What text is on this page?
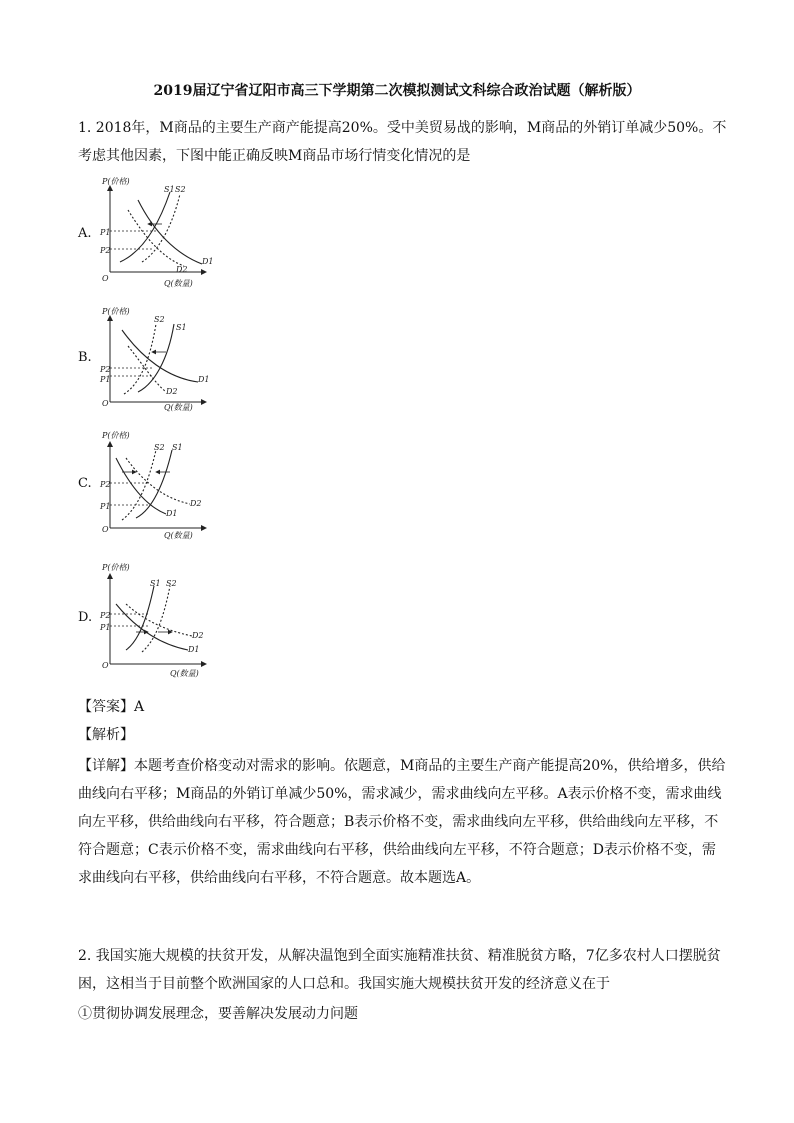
2019届辽宁省辽阳市高三下学期第二次模拟测试文科综合政治试题（解析版）
1. 2018年，M商品的主要生产商产能提高20%。受中美贸易战的影响，M商品的外销订单减少50%。不考虑其他因素，下图中能正确反映M商品市场行情变化情况的是
A.
P(价格)
Q(数量)
O
P1
P2
S1 S2
D1
D2
B.
P(价格)
Q(数量)
O
P2
P1
S2
S1
D1
D2
C.
P(价格)
Q(数量)
O
P2
P1
S2 S1
D1
D2
D.
P(价格)
Q(数量)
O
P2
P1
S1 S2
D1
D2
【答案】A
【解析】
【详解】本题考查价格变动对需求的影响。依题意，M商品的主要生产商产能提高20%，供给增多，供给曲线向右平移；M商品的外销订单减少50%，需求减少，需求曲线向左平移。A表示价格不变，需求曲线向左平移，供给曲线向右平移，符合题意；B表示价格不变，需求曲线向左平移，供给曲线向左平移，不符合题意；C表示价格不变，需求曲线向右平移，供给曲线向左平移，不符合题意；D表示价格不变，需求曲线向右平移，供给曲线向右平移，不符合题意。故本题选A。
2. 我国实施大规模的扶贫开发，从解决温饱到全面实施精准扶贫、精准脱贫方略，7亿多农村人口摆脱贫困，这相当于目前整个欧洲国家的人口总和。我国实施大规模扶贫开发的经济意义在于
①贯彻协调发展理念，要善解决发展动力问题
